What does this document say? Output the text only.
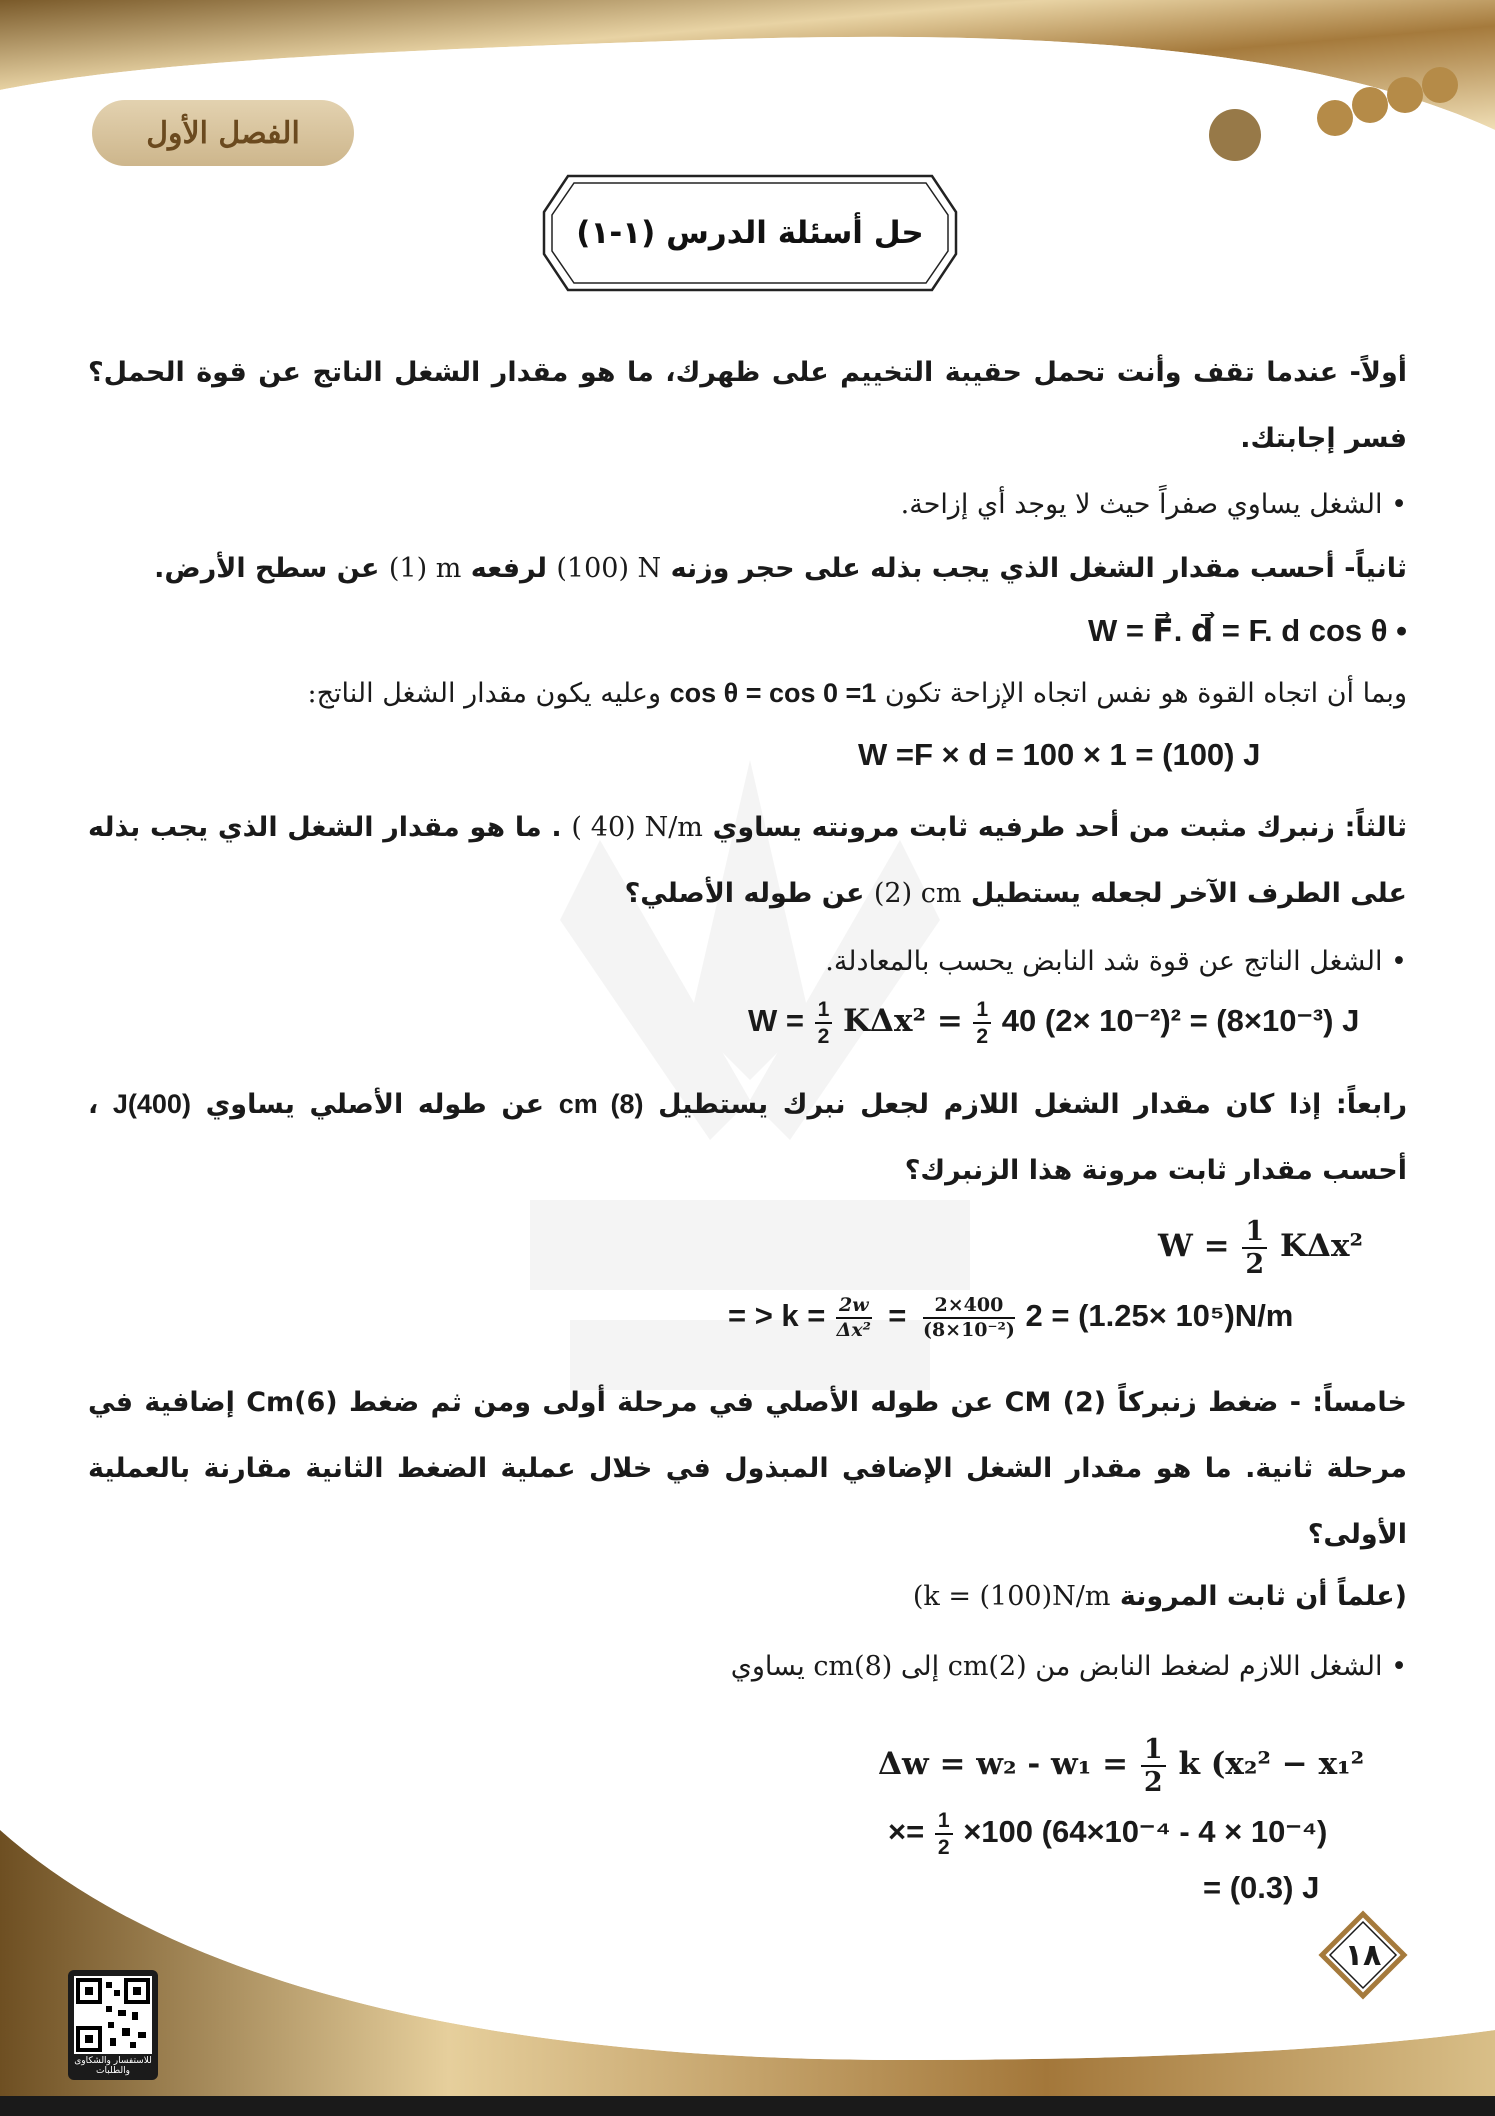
الفصل الأول
حل أسئلة الدرس (١-١)
أولاً- عندما تقف وأنت تحمل حقيبة التخييم على ظهرك، ما هو مقدار الشغل الناتج عن قوة الحمل؟ فسر إجابتك.
• الشغل يساوي صفراً حيث لا يوجد أي إزاحة.
ثانياً- أحسب مقدار الشغل الذي يجب بذله على حجر وزنه (100) N لرفعه (1) m عن سطح الأرض.
• W = F⃗. d⃗ = F. d cos θ
وبما أن اتجاه القوة هو نفس اتجاه الإزاحة تكون cos θ = cos 0 =1 وعليه يكون مقدار الشغل الناتج:
W =F × d = 100 × 1 = (100) J
ثالثاً: زنبرك مثبت من أحد طرفيه ثابت مرونته يساوي ( 40) N/m . ما هو مقدار الشغل الذي يجب بذله على الطرف الآخر لجعله يستطيل (2) cm عن طوله الأصلي؟
• الشغل الناتج عن قوة شد النابض يحسب بالمعادلة.
$W = \frac{1}{2} K\Delta x^2 = \frac{1}{2} 40$ (2× 10⁻²)² = (8×10⁻³) J
رابعاً: إذا كان مقدار الشغل اللازم لجعل نبرك يستطيل cm (8) عن طوله الأصلي يساوي J(400) ، أحسب مقدار ثابت مرونة هذا الزنبرك؟
$W = \frac{1}{2} K\Delta x^2$
= > $k = \frac{2w}{\text{Δx²}} = \frac{2\times 400}{\text{(8×10⁻²)}} 2 = (1.25\times 10^5)N/m$
خامساً: - ضغط زنبركاً CM (2) عن طوله الأصلي في مرحلة أولى ومن ثم ضغط Cm(6) إضافية في مرحلة ثانية. ما هو مقدار الشغل الإضافي المبذول في خلال عملية الضغط الثانية مقارنة بالعملية الأولى؟
(علماً أن ثابت المرونة (k = (100)N/m
• الشغل اللازم لضغط النابض من cm(2) إلى cm(8) يساوي
$\Delta w = w_2 - w_1 = \frac{1}{2}$ k (x₂² − x₁²
×= $\frac{1}{2} \times 100$ (64×10⁻⁴ - 4 × 10⁻⁴)
= (0.3) J
١٨
للاستفسار والشكاوى والطلبات
